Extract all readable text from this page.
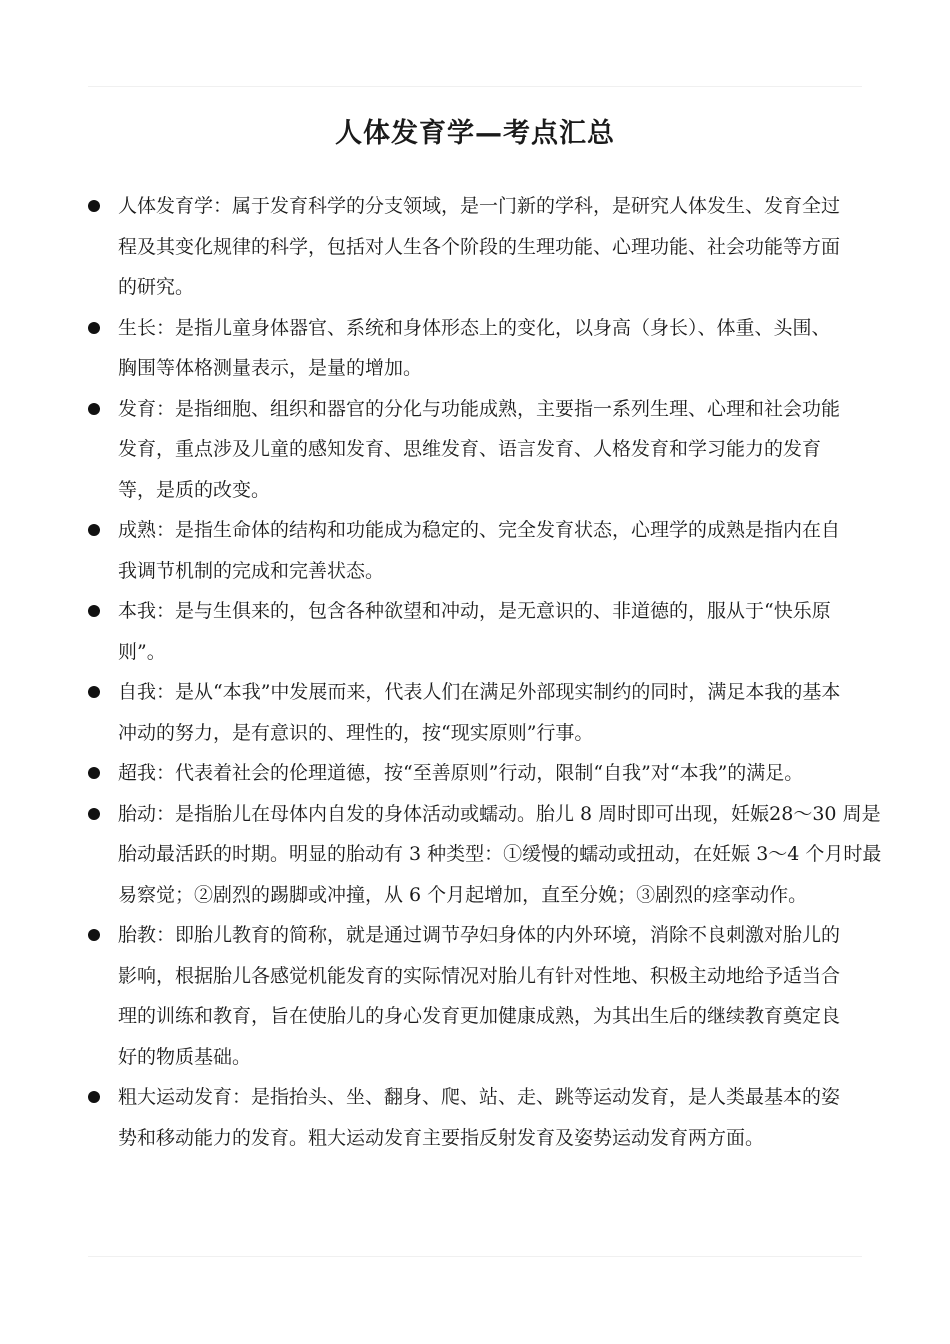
人体发育学—考点汇总
人体发育学：属于发育科学的分支领域，是一门新的学科，是研究人体发生、发育全过程及其变化规律的科学，包括对人生各个阶段的生理功能、心理功能、社会功能等方面的研究。
生长：是指儿童身体器官、系统和身体形态上的变化，以身高（身长）、体重、头围、胸围等体格测量表示，是量的增加。
发育：是指细胞、组织和器官的分化与功能成熟，主要指一系列生理、心理和社会功能发育，重点涉及儿童的感知发育、思维发育、语言发育、人格发育和学习能力的发育等，是质的改变。
成熟：是指生命体的结构和功能成为稳定的、完全发育状态，心理学的成熟是指内在自我调节机制的完成和完善状态。
本我：是与生俱来的，包含各种欲望和冲动，是无意识的、非道德的，服从于“快乐原则”。
自我：是从“本我”中发展而来，代表人们在满足外部现实制约的同时，满足本我的基本冲动的努力，是有意识的、理性的，按“现实原则”行事。
超我：代表着社会的伦理道德，按“至善原则”行动，限制“自我”对“本我”的满足。
胎动：是指胎儿在母体内自发的身体活动或蠕动。胎儿 8 周时即可出现，妊娠28～30 周是胎动最活跃的时期。明显的胎动有 3 种类型：①缓慢的蠕动或扭动，在妊娠 3～4 个月时最易察觉；②剧烈的踢脚或冲撞，从 6 个月起增加，直至分娩；③剧烈的痉挛动作。
胎教：即胎儿教育的简称，就是通过调节孕妇身体的内外环境，消除不良刺激对胎儿的影响，根据胎儿各感觉机能发育的实际情况对胎儿有针对性地、积极主动地给予适当合理的训练和教育，旨在使胎儿的身心发育更加健康成熟，为其出生后的继续教育奠定良好的物质基础。
粗大运动发育：是指抬头、坐、翻身、爬、站、走、跳等运动发育，是人类最基本的姿势和移动能力的发育。粗大运动发育主要指反射发育及姿势运动发育两方面。
